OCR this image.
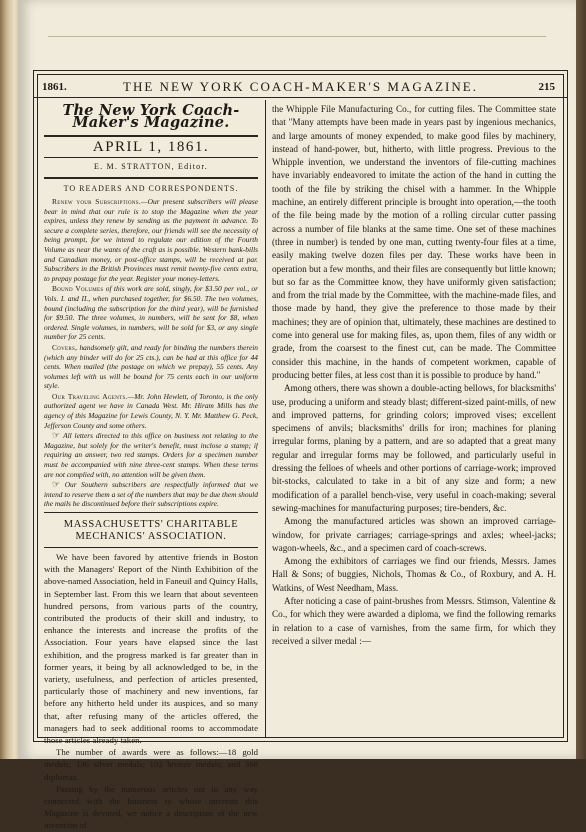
1861.	THE NEW YORK COACH-MAKER'S MAGAZINE.	215
The New York Coach-Maker's Magazine.
APRIL 1, 1861.
E. M. STRATTON, Editor.
TO READERS AND CORRESPONDENTS.

Renew your Subscriptions.—Our present subscribers will please bear in mind that our rule is to stop the Magazine when the year expires, unless they renew by sending us the payment in advance. To secure a complete series, therefore, our friends will see the necessity of being prompt, for we intend to regulate our edition of the Fourth Volume as near the wants of the craft as is possible. Western bank-bills and Canadian money, or post-office stamps, will be received at par. Subscribers in the British Provinces must remit twenty-five cents extra, to prepay postage for the year. Register your money-letters.

Bound Volumes of this work are sold, singly, for $3.50 per vol., or Vols. I. and II., when purchased together, for $6.50. The two volumes, bound (including the subscription for the third year), will be furnished for $9.50. The three volumes, in numbers, will be sent for $8, when ordered. Single volumes, in numbers, will be sold for $3, or any single number for 25 cents.

Covers, handsomely gilt, and ready for binding the numbers therein (which any binder will do for 25 cts.), can be had at this office for 44 cents. When mailed (the postage on which we prepay), 55 cents. Any volumes left with us will be bound for 75 cents each in our uniform style.

Our Traveling Agents.—Mr. John Hewlett, of Toronto, is the only authorized agent we have in Canada West. Mr. Hiram Mills has the agency of this Magazine for Lewis County, N. Y. Mr. Matthew G. Peck, Jefferson County and some others.

☞ All letters directed to this office on business not relating to the Magazine, but solely for the writer's benefit, must inclose a stamp; if requiring an answer, two red stamps. Orders for a specimen number must be accompanied with nine three-cent stamps. When these terms are not complied with, no attention will be given them.

☞ Our Southern subscribers are respectfully informed that we intend to reserve them a set of the numbers that may be due them should the mails be discontinued before their subscriptions expire.

MASSACHUSETTS' CHARITABLE MECHANICS' ASSOCIATION.

We have been favored by attentive friends in Boston with the Managers' Report of the Ninth Exhibition of the above-named Association, held in Faneuil and Quincy Halls, in September last. From this we learn that about seventeen hundred persons, from various parts of the country, contributed the products of their skill and industry, to enhance the interests and increase the profits of the Association. Four years have elapsed since the last exhibition, and the progress marked is far greater than in former years, it being by all acknowledged to be, in the variety, usefulness, and perfection of articles presented, particularly those of machinery and new inventions, far before any hitherto held under its auspices, and so many that, after refusing many of the articles offered, the managers had to seek additional rooms to accommodate those articles already taken.

The number of awards were as follows:—18 gold medals; 136 silver medals; 192 bronze medals; and 368 diplomas.

Passing by the numerous articles not in any way connected with the business to whose interests this Magazine is devoted, we notice a description of the new invention of

the Whipple File Manufacturing Co., for cutting files. The Committee state that "Many attempts have been made in years past by ingenious mechanics, and large amounts of money expended, to make good files by machinery, instead of hand-power, but, hitherto, with little progress. Previous to the Whipple invention, we understand the inventors of file-cutting machines have invariably endeavored to imitate the action of the hand in cutting the tooth of the file by striking the chisel with a hammer. In the Whipple machine, an entirely different principle is brought into operation,—the tooth of the file being made by the motion of a rolling circular cutter passing across a number of file blanks at the same time. One set of these machines (three in number) is tended by one man, cutting twenty-four files at a time, easily making twelve dozen files per day. These works have been in operation but a few months, and their files are consequently but little known; but so far as the Committee know, they have uniformly given satisfaction; and from the trial made by the Committee, with the machine-made files, and those made by hand, they give the preference to those made by their machines; they are of opinion that, ultimately, these machines are destined to come into general use for making files, as, upon them, files of any width or grade, from the coarsest to the finest cut, can be made. The Committee consider this machine, in the hands of competent workmen, capable of producing better files, at less cost than it is possible to produce by hand."

Among others, there was shown a double-acting bellows, for blacksmiths' use, producing a uniform and steady blast; different-sized paint-mills, of new and improved patterns, for grinding colors; improved vises; excellent specimens of anvils; blacksmiths' drills for iron; machines for planing irregular forms, planing by a pattern, and are so adapted that a great many regular and irregular forms may be followed, and particularly useful in dressing the felloes of wheels and other portions of carriage-work; improved bit-stocks, calculated to take in a bit of any size and form; a new modification of a parallel bench-vise, very useful in coach-making; several sewing-machines for manufacturing purposes; tire-benders, &c.

Among the manufactured articles was shown an improved carriage-window, for private carriages; carriage-springs and axles; wheel-jacks; wagon-wheels, &c., and a specimen card of coach-screws.

Among the exhibitors of carriages we find our friends, Messrs. James Hall & Sons; of buggies, Nichols, Thomas & Co., of Roxbury, and A. H. Watkins, of West Needham, Mass.

After noticing a case of paint-brushes from Messrs. Stimson, Valentine & Co., for which they were awarded a diploma, we find the following remarks in relation to a case of varnishes, from the same firm, for which they received a silver medal :—
